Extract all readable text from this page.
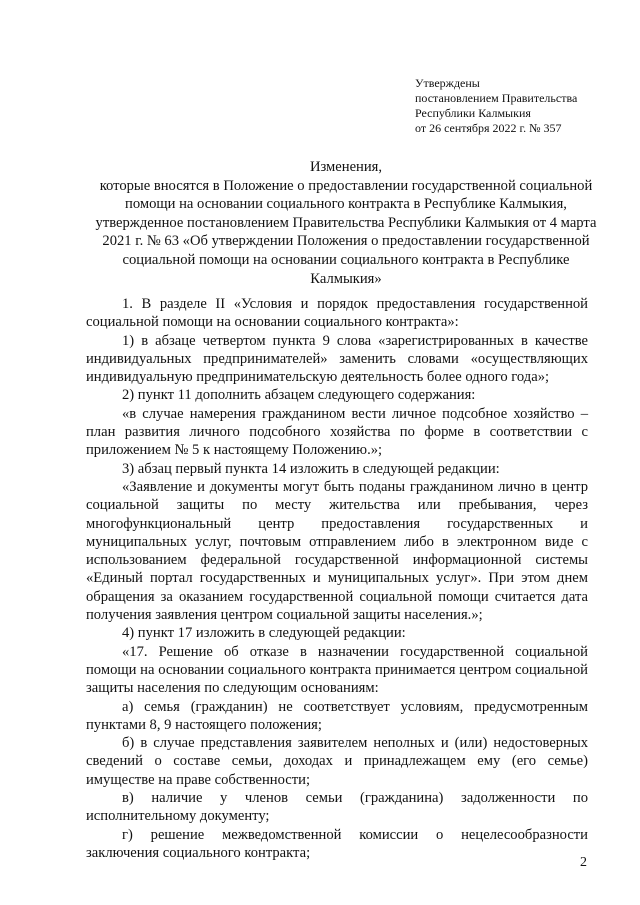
Утверждены
постановлением Правительства
Республики Калмыкия
от 26 сентября 2022 г. № 357
Изменения,
которые вносятся в Положение о предоставлении государственной социальной помощи на основании социального контракта в Республике Калмыкия, утвержденное постановлением Правительства Республики Калмыкия от 4 марта 2021 г. № 63 «Об утверждении Положения о предоставлении государственной социальной помощи на основании социального контракта в Республике Калмыкия»

1. В разделе II «Условия и порядок предоставления государственной социальной помощи на основании социального контракта»:

1) в абзаце четвертом пункта 9 слова «зарегистрированных в качестве индивидуальных предпринимателей» заменить словами «осуществляющих индивидуальную предпринимательскую деятельность более одного года»;

2) пункт 11 дополнить абзацем следующего содержания:

«в случае намерения гражданином вести личное подсобное хозяйство – план развития личного подсобного хозяйства по форме в соответствии с приложением № 5 к настоящему Положению.»;

3) абзац первый пункта 14 изложить в следующей редакции:

«Заявление и документы могут быть поданы гражданином лично в центр социальной защиты по месту жительства или пребывания, через многофункциональный центр предоставления государственных и муниципальных услуг, почтовым отправлением либо в электронном виде с использованием федеральной государственной информационной системы «Единый портал государственных и муниципальных услуг». При этом днем обращения за оказанием государственной социальной помощи считается дата получения заявления центром социальной защиты населения.»;

4) пункт 17 изложить в следующей редакции:

«17. Решение об отказе в назначении государственной социальной помощи на основании социального контракта принимается центром социальной защиты населения по следующим основаниям:

а) семья (гражданин) не соответствует условиям, предусмотренным пунктами 8, 9 настоящего положения;

б) в случае представления заявителем неполных и (или) недостоверных сведений о составе семьи, доходах и принадлежащем ему (его семье) имуществе на праве собственности;

в) наличие у членов семьи (гражданина) задолженности по исполнительному документу;

г) решение межведомственной комиссии о нецелесообразности заключения социального контракта;

2
